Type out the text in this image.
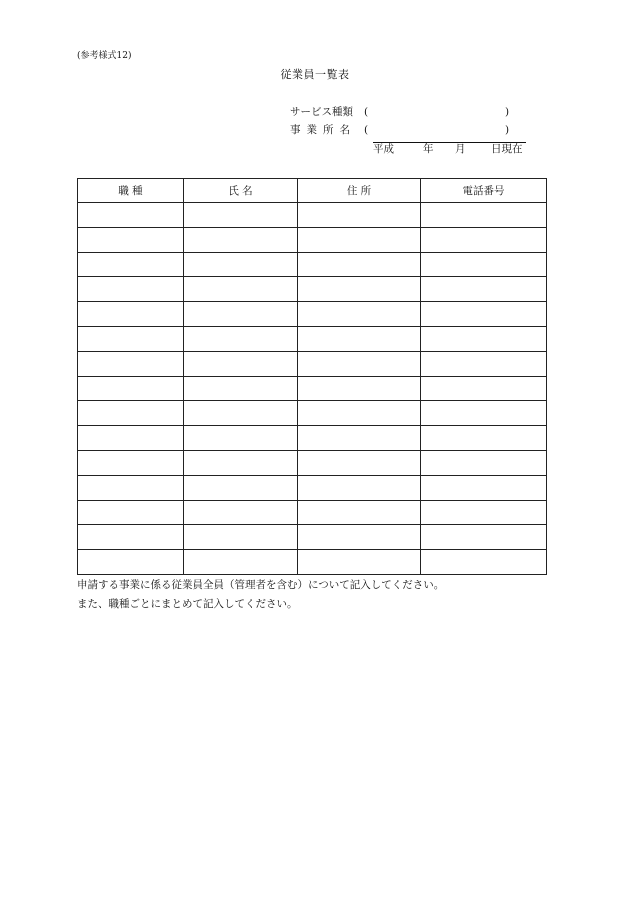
(参考様式12)
従業員一覧表
サービス種類 (	)
事業所名 (	)
平成	年 月 日現在
職 種	氏 名	住 所	電話番号

申請する事業に係る従業員全員（管理者を含む）について記入してください。
また、職種ごとにまとめて記入してください。
